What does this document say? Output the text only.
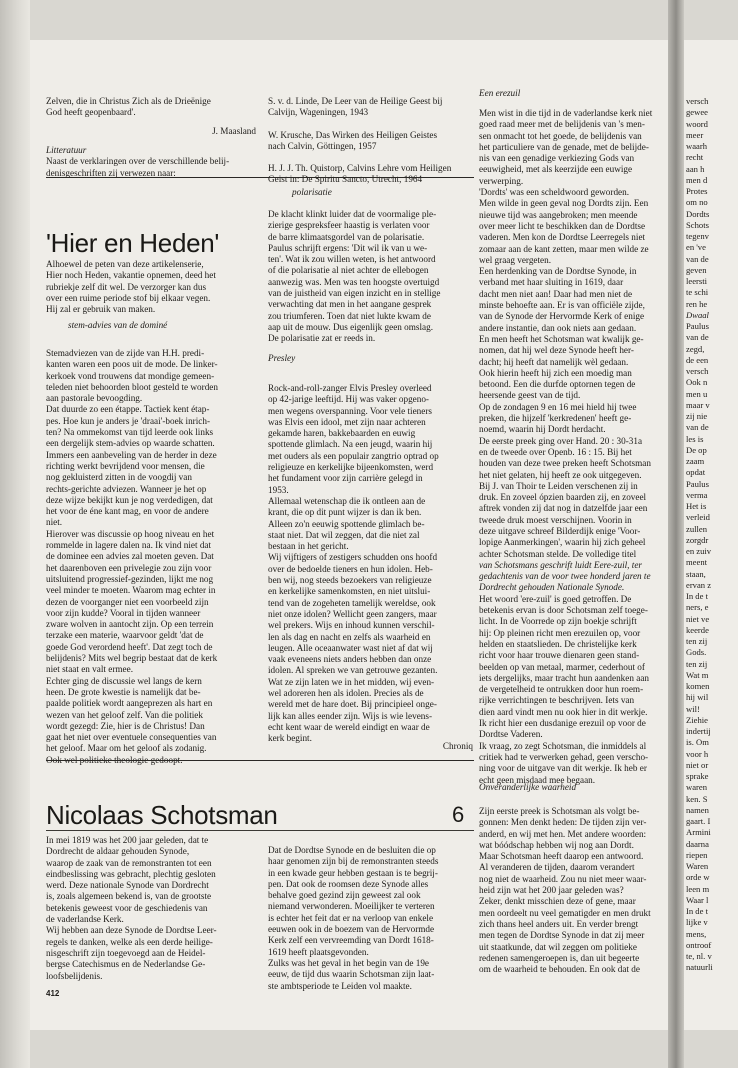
versch
gewee
woord
meer
waarh
recht
aan h
men d
Protes
om no
Dordts
Schots
tegenv
en 've
van de
geven
leersti
te schi
ren he
Dwaal
Paulus
van de
zegd,
de een
versch
Ook n
men u
maar v
zij nie
van de
les is
De op
zaam
opdat
Paulus
verma
Het is
verleid
zullen
zorgdr
en zuiv
meent
staan,
ervan z
In de t
ners, e
niet ve
keerde
ten zij
Gods.
ten zij
Wat m
komen
hij wil
wil!
Ziehie
indertij
is. Om
voor h
niet or
sprake
waren
ken. S
namen
gaart. I
Armini
daarna
riepen
Waren
orde w
leen m
Waar l
In de t
lijke v
mens,
ontroof
te, nl. v
natuurli
Zelven, die in Christus Zich als de Drieënige
God heeft geopenbaard'.
J. Maasland
Litteratuur
Naast de verklaringen over de verschillende belij-
denisgeschriften zij verwezen naar:
S. v. d. Linde, De Leer van de Heilige Geest bij
Calvijn, Wageningen, 1943
W. Krusche, Das Wirken des Heiligen Geistes
nach Calvin, Göttingen, 1957
H. J. J. Th. Quistorp, Calvins Lehre vom Heiligen
Geist in: De Spiritu Sancto, Utrecht, 1964
'Hier en Heden'
Alhoewel de peten van deze artikelenserie,
Hier noch Heden, vakantie opnemen, deed het
rubriekje zelf dit wel. De verzorger kan dus
over een ruime periode stof bij elkaar vegen.
Hij zal er gebruik van maken.
stem-advies van de dominé
Stemadviezen van de zijde van H.H. predi-
kanten waren een poos uit de mode. De linker-
kerkoek vond trouwens dat mondige gemeen-
teleden niet behoorden bloot gesteld te worden
aan pastorale bevoogding.
Dat duurde zo een étappe. Tactiek kent étap-
pes. Hoe kun je anders je 'draai'-boek inrich-
ten? Na ommekomst van tijd leerde ook links
een dergelijk stem-advies op waarde schatten.
Immers een aanbeveling van de herder in deze
richting werkt bevrijdend voor mensen, die
nog gekluisterd zitten in de voogdij van
rechts-gerichte adviezen. Wanneer je het op
deze wijze bekijkt kun je nog verdedigen, dat
het voor de éne kant mag, en voor de andere
niet.
Hierover was discussie op hoog niveau en het
rommelde in lagere dalen na. Ik vind niet dat
de dominee een advies zal moeten geven. Dat
het daarenboven een privelegie zou zijn voor
uitsluitend progressief-gezinden, lijkt me nog
veel minder te moeten. Waarom mag echter in
dezen de voorganger niet een voorbeeld zijn
voor zijn kudde? Vooral in tijden wanneer
zware wolven in aantocht zijn. Op een terrein
terzake een materie, waarvoor geldt 'dat de
goede God verordend heeft'. Dat zegt toch de
belijdenis? Mits wel begrip bestaat dat de kerk
niet staat en valt ermee.
Echter ging de discussie wel langs de kern
heen. De grote kwestie is namelijk dat be-
paalde politiek wordt aangeprezen als hart en
wezen van het geloof zelf. Van die politiek
wordt gezegd: Zie, hier is de Christus! Dan
gaat het niet over eventuele consequenties van
het geloof. Maar om het geloof als zodanig.
Ook wel politieke theologie gedoopt.
polarisatie
De klacht klinkt luider dat de voormalige ple-
zierige gespreksfeer haastig is verlaten voor
de barre klimaatsgordel van de polarisatie.
Paulus schrijft ergens: 'Dit wil ik van u we-
ten'. Wat ik zou willen weten, is het antwoord
of die polarisatie al niet achter de ellebogen
aanwezig was. Men was ten hoogste overtuigd
van de juistheid van eigen inzicht en in stellige
verwachting dat men in het aangane gesprek
zou triumferen. Toen dat niet lukte kwam de
aap uit de mouw. Dus eigenlijk geen omslag.
De polarisatie zat er reeds in.
Presley
Rock-and-roll-zanger Elvis Presley overleed
op 42-jarige leeftijd. Hij was vaker opgeno-
men wegens overspanning. Voor vele tieners
was Elvis een idool, met zijn naar achteren
gekamde haren, bakkebaarden en euwig
spottende glimlach. Na een jeugd, waarin hij
met ouders als een populair zangtrio optrad op
religieuze en kerkelijke bijeenkomsten, werd
het fundament voor zijn carrière gelegd in
1953.
Allemaal wetenschap die ik ontleen aan de
krant, die op dit punt wijzer is dan ik ben.
Alleen zo'n eeuwig spottende glimlach be-
staat niet. Dat wil zeggen, dat die niet zal
bestaan in het gericht.
Wij vijftigers of zestigers schudden ons hoofd
over de bedoelde tieners en hun idolen. Heb-
ben wij, nog steeds bezoekers van religieuze
en kerkelijke samenkomsten, en niet uitslui-
tend van de zogeheten tamelijk wereldse, ook
niet onze idolen? Wellicht geen zangers, maar
wel prekers. Wijs en inhoud kunnen verschil-
len als dag en nacht en zelfs als waarheid en
leugen. Alle oceaanwater wast niet af dat wij
vaak eveneens niets anders hebben dan onze
idolen. Al spreken we van getrouwe gezanten.
Wat ze zijn laten we in het midden, wij even-
wel adoreren hen als idolen. Precies als de
wereld met de hare doet. Bij principieel onge-
lijk kan alles eender zijn. Wijs is wie levens-
echt kent waar de wereld eindigt en waar de
kerk begint.
Chroniq
Een erezuil
Men wist in die tijd in de vaderlandse kerk niet
goed raad meer met de belijdenis van 's men-
sen onmacht tot het goede, de belijdenis van
het particuliere van de genade, met de belijde-
nis van een genadige verkiezing Gods van
eeuwigheid, met als keerzijde een euwige
verwerping.
'Dordts' was een scheldwoord geworden.
Men wilde in geen geval nog Dordts zijn. Een
nieuwe tijd was aangebroken; men meende
over meer licht te beschikken dan de Dordtse
vaderen. Men kon de Dordtse Leerregels niet
zomaar aan de kant zetten, maar men wilde ze
wel graag vergeten.
Een herdenking van de Dordtse Synode, in
verband met haar sluiting in 1619, daar
dacht men niet aan! Daar had men niet de
minste behoefte aan. Er is van officiële zijde,
van de Synode der Hervormde Kerk of enige
andere instantie, dan ook niets aan gedaan.
En men heeft het Schotsman wat kwalijk ge-
nomen, dat hij wel deze Synode heeft her-
dacht; hij heeft dat namelijk wèl gedaan.
Ook hierin heeft hij zich een moedig man
betoond. Een die durfde optornen tegen de
heersende geest van de tijd.
Op de zondagen 9 en 16 mei hield hij twee
preken, die hijzelf 'kerkredenen' heeft ge-
noemd, waarin hij Dordt herdacht.
De eerste preek ging over Hand. 20 : 30-31a
en de tweede over Openb. 16 : 15. Bij het
houden van deze twee preken heeft Schotsman
het niet gelaten, hij heeft ze ook uitgegeven.
Bij J. van Thoir te Leiden verschenen zij in
druk. En zoveel ópzien baarden zij, en zoveel
aftrek vonden zij dat nog in datzelfde jaar een
tweede druk moest verschijnen. Voorin in
deze uitgave schreef Bilderdijk enige 'Voor-
lopige Aanmerkingen', waarin hij zich geheel
achter Schotsman stelde. De volledige titel
van Schotsmans geschrift luidt Eere-zuil, ter
gedachtenis van de voor twee honderd jaren te
Dordrecht gehouden Nationale Synode.
Het woord 'ere-zuil' is goed getroffen. De
betekenis ervan is door Schotsman zelf toege-
licht. In de Voorrede op zijn boekje schrijft
hij: Op pleinen richt men erezuilen op, voor
helden en staatslieden. De christelijke kerk
richt voor haar trouwe dienaren geen stand-
beelden op van metaal, marmer, cederhout of
iets dergelijks, maar tracht hun aandenken aan
de vergetelheid te ontrukken door hun roem-
rijke verrichtingen te beschrijven. Iets van
dien aard vindt men nu ook hier in dit werkje.
Ik richt hier een dusdanige erezuil op voor de
Dordtse Vaderen.
Ik vraag, zo zegt Schotsman, die inmiddels al
critiek had te verwerken gehad, geen verscho-
ning voor de uitgave van dit werkje. Ik heb er
echt geen misdaad mee begaan.
Onveranderlijke waarheid
Zijn eerste preek is Schotsman als volgt be-
gonnen: Men denkt heden: De tijden zijn ver-
anderd, en wij met hen. Met andere woorden:
wat bóódschap hebben wij nog aan Dordt.
Maar Schotsman heeft daarop een antwoord.
Al veranderen de tijden, daarom verandert
nog niet de waarheid. Zou nu niet meer waar-
heid zijn wat het 200 jaar geleden was?
Zeker, denkt misschien deze of gene, maar
men oordeelt nu veel gematigder en men drukt
zich thans heel anders uit. En verder brengt
men tegen de Dordtse Synode in dat zij meer
uit staatkunde, dat wil zeggen om politieke
redenen samengeroepen is, dan uit begeerte
om de waarheid te behouden. En ook dat de
Nicolaas Schotsman	6
In mei 1819 was het 200 jaar geleden, dat te
Dordrecht de aldaar gehouden Synode,
waarop de zaak van de remonstranten tot een
eindbeslissing was gebracht, plechtig gesloten
werd. Deze nationale Synode van Dordrecht
is, zoals algemeen bekend is, van de grootste
betekenis geweest voor de geschiedenis van
de vaderlandse Kerk.
Wij hebben aan deze Synode de Dordtse Leer-
regels te danken, welke als een derde heilige-
nisgeschrift zijn toegevoegd aan de Heidel-
bergse Catechismus en de Nederlandse Ge-
loofsbelijdenis.
Dat de Dordtse Synode en de besluiten die op
haar genomen zijn bij de remonstranten steeds
in een kwade geur hebben gestaan is te begrij-
pen. Dat ook de roomsen deze Synode alles
behalve goed gezind zijn geweest zal ook
niemand verwonderen. Moeilijker te verteren
is echter het feit dat er na verloop van enkele
eeuwen ook in de boezem van de Hervormde
Kerk zelf een vervreemding van Dordt 1618-
1619 heeft plaatsgevonden.
Zulks was het geval in het begin van de 19e
eeuw, de tijd dus waarin Schotsman zijn laat-
ste ambtsperiode te Leiden vol maakte.
412
